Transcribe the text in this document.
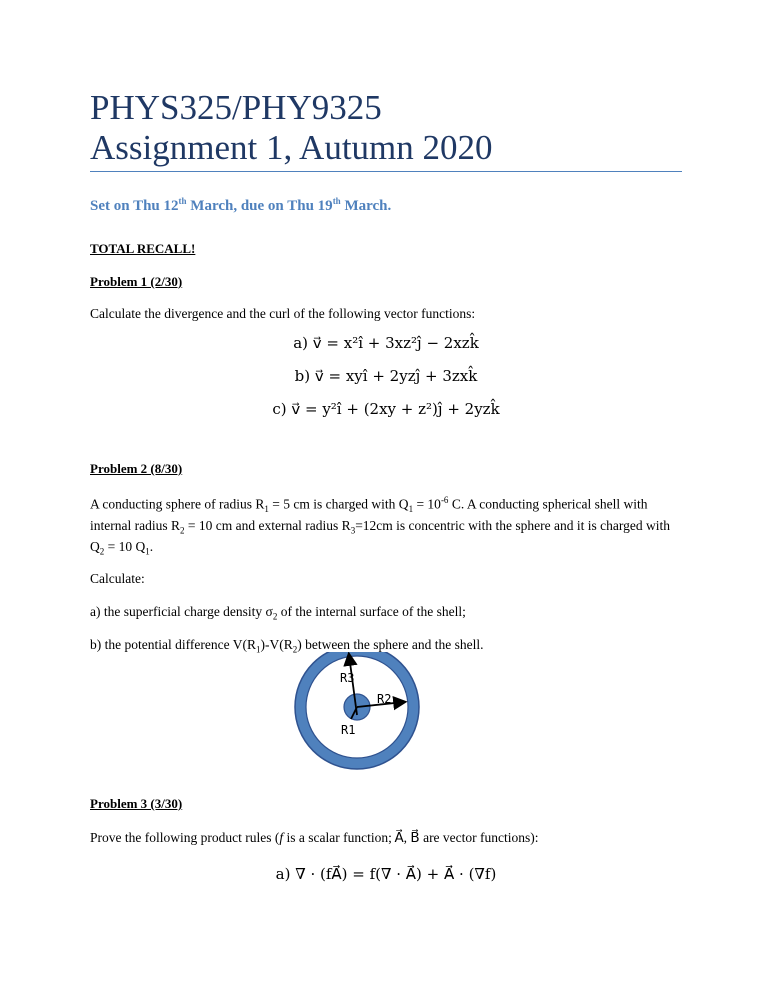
PHYS325/PHY9325
Assignment 1, Autumn 2020
Set on Thu 12th March, due on Thu 19th March.
TOTAL RECALL!
Problem 1 (2/30)
Calculate the divergence and the curl of the following vector functions:
a) v⃗ = x²î + 3xz²ĵ − 2xzk̂
b) v⃗ = xyî + 2yzĵ + 3zxk̂
c) v⃗ = y²î + (2xy + z²)ĵ + 2yzk̂
Problem 2 (8/30)
A conducting sphere of radius $R_1 = 5$ cm is charged with $Q_1 = 10^{-6}$ C. A conducting spherical shell with internal radius $R_2 = 10$ cm and external radius $R_3=12cm$ is concentric with the sphere and it is charged with $Q_2 = 10$ $Q_1$.
Calculate:
a) the superficial charge density $\sigma_2$ of the internal surface of the shell;
b) the potential difference $V(R_1)-V(R_2)$ between the sphere and the shell.
Problem 3 (3/30)
Prove the following product rules (f is a scalar function; A⃗, B⃗ are vector functions):
a) ∇ · (fA⃗) = f(∇ · A⃗) + A⃗ · (∇f)
R3
R2
R1
